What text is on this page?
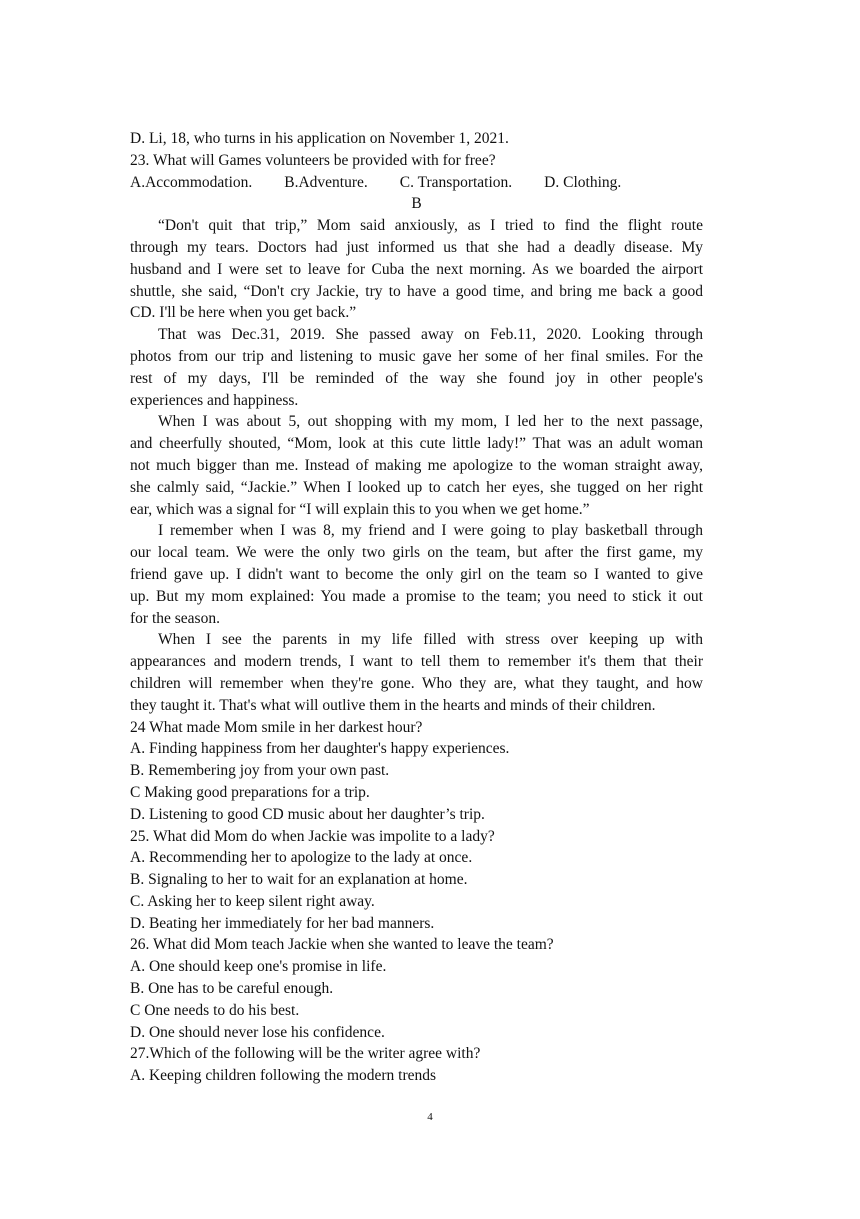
D. Li, 18, who turns in his application on November 1, 2021.
23. What will Games volunteers be provided with for free?
A.Accommodation. B.Adventure. C. Transportation. D. Clothing.
B
“Don't quit that trip,” Mom said anxiously, as I tried to find the flight route
through my tears. Doctors had just informed us that she had a deadly disease. My
husband and I were set to leave for Cuba the next morning. As we boarded the airport
shuttle, she said, “Don't cry Jackie, try to have a good time, and bring me back a good
CD. I'll be here when you get back.”
That was Dec.31, 2019. She passed away on Feb.11, 2020. Looking through
photos from our trip and listening to music gave her some of her final smiles. For the
rest of my days, I'll be reminded of the way she found joy in other people's
experiences and happiness.
When I was about 5, out shopping with my mom, I led her to the next passage,
and cheerfully shouted, “Mom, look at this cute little lady!” That was an adult woman
not much bigger than me. Instead of making me apologize to the woman straight away,
she calmly said, “Jackie.” When I looked up to catch her eyes, she tugged on her right
ear, which was a signal for “I will explain this to you when we get home.”
I remember when I was 8, my friend and I were going to play basketball through
our local team. We were the only two girls on the team, but after the first game, my
friend gave up. I didn't want to become the only girl on the team so I wanted to give
up. But my mom explained: You made a promise to the team; you need to stick it out
for the season.
When I see the parents in my life filled with stress over keeping up with
appearances and modern trends, I want to tell them to remember it's them that their
children will remember when they're gone. Who they are, what they taught, and how
they taught it. That's what will outlive them in the hearts and minds of their children.
24 What made Mom smile in her darkest hour?
A. Finding happiness from her daughter's happy experiences.
B. Remembering joy from your own past.
C Making good preparations for a trip.
D. Listening to good CD music about her daughter’s trip.
25. What did Mom do when Jackie was impolite to a lady?
A. Recommending her to apologize to the lady at once.
B. Signaling to her to wait for an explanation at home.
C. Asking her to keep silent right away.
D. Beating her immediately for her bad manners.
26. What did Mom teach Jackie when she wanted to leave the team?
A. One should keep one's promise in life.
B. One has to be careful enough.
C One needs to do his best.
D. One should never lose his confidence.
27.Which of the following will be the writer agree with?
A. Keeping children following the modern trends
4
